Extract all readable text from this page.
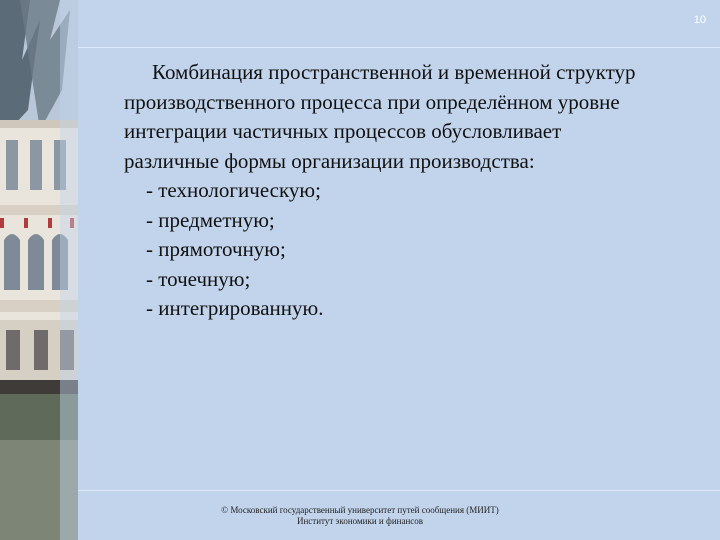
10

Комбинация пространственной и временной структур производственного процесса при определённом уровне интеграции частичных процессов обусловливает различные формы организации производства:

- технологическую;
- предметную;
- прямоточную;
- точечную;
- интегрированную.
© Московский государственный университет путей сообщения (МИИТ)
Институт экономики и финансов
